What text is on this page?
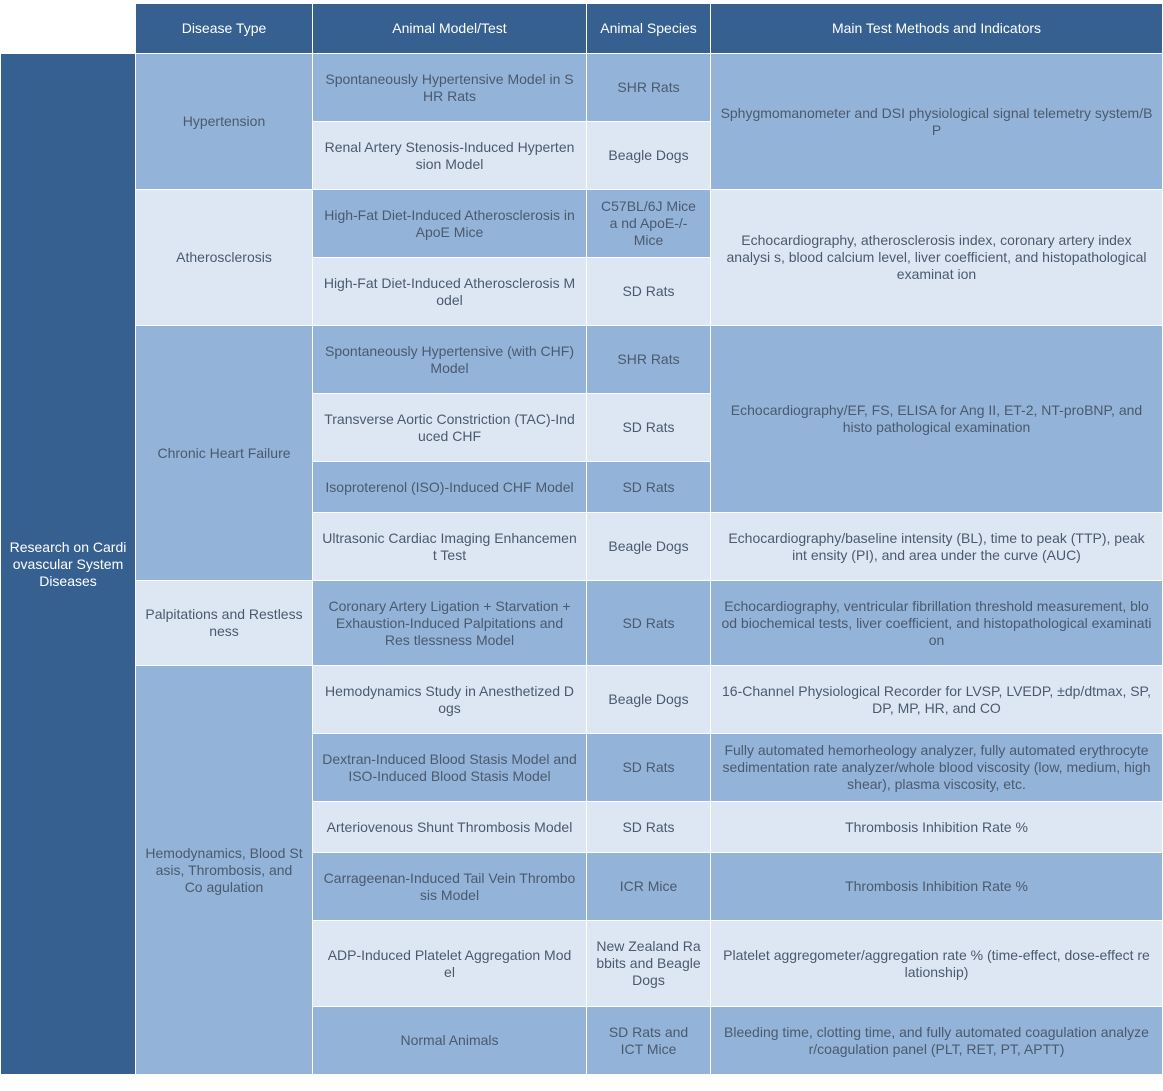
	Disease Type	Animal Model/Test	Animal Species	Main Test Methods and Indicators
Research on Cardi ovascular System Diseases	Hypertension	Spontaneously Hypertensive Model in S HR Rats	SHR Rats	Sphygmomanometer and DSI physiological signal telemetry system/B P
		Renal Artery Stenosis-Induced Hyperten sion Model	Beagle Dogs	
	Atherosclerosis	High-Fat Diet-Induced Atherosclerosis in ApoE Mice	C57BL/6J Mice a nd ApoE-/- Mice	Echocardiography, atherosclerosis index, coronary artery index analysi s, blood calcium level, liver coefficient, and histopathological examinat ion
		High-Fat Diet-Induced Atherosclerosis M odel	SD Rats	
	Chronic Heart Failure	Spontaneously Hypertensive (with CHF) Model	SHR Rats	Echocardiography/EF, FS, ELISA for Ang II, ET-2, NT-proBNP, and histo pathological examination
		Transverse Aortic Constriction (TAC)-Ind uced CHF	SD Rats	
		Isoproterenol (ISO)-Induced CHF Model	SD Rats	
		Ultrasonic Cardiac Imaging Enhancemen t Test	Beagle Dogs	Echocardiography/baseline intensity (BL), time to peak (TTP), peak int ensity (PI), and area under the curve (AUC)
	Palpitations and Restless ness	Coronary Artery Ligation + Starvation + Exhaustion-Induced Palpitations and Res tlessness Model	SD Rats	Echocardiography, ventricular fibrillation threshold measurement, blo od biochemical tests, liver coefficient, and histopathological examinati on
	Hemodynamics, Blood St asis, Thrombosis, and Co agulation	Hemodynamics Study in Anesthetized D ogs	Beagle Dogs	16-Channel Physiological Recorder for LVSP, LVEDP, ±dp/dtmax, SP, DP, MP, HR, and CO
		Dextran-Induced Blood Stasis Model and ISO-Induced Blood Stasis Model	SD Rats	Fully automated hemorheology analyzer, fully automated erythrocyte sedimentation rate analyzer/whole blood viscosity (low, medium, high shear), plasma viscosity, etc.
		Arteriovenous Shunt Thrombosis Model	SD Rats	Thrombosis Inhibition Rate %
		Carrageenan-Induced Tail Vein Thrombo sis Model	ICR Mice	Thrombosis Inhibition Rate %
		ADP-Induced Platelet Aggregation Mod el	New Zealand Ra bbits and Beagle Dogs	Platelet aggregometer/aggregation rate % (time-effect, dose-effect re lationship)
		Normal Animals	SD Rats and ICT Mice	Bleeding time, clotting time, and fully automated coagulation analyze r/coagulation panel (PLT, RET, PT, APTT)
